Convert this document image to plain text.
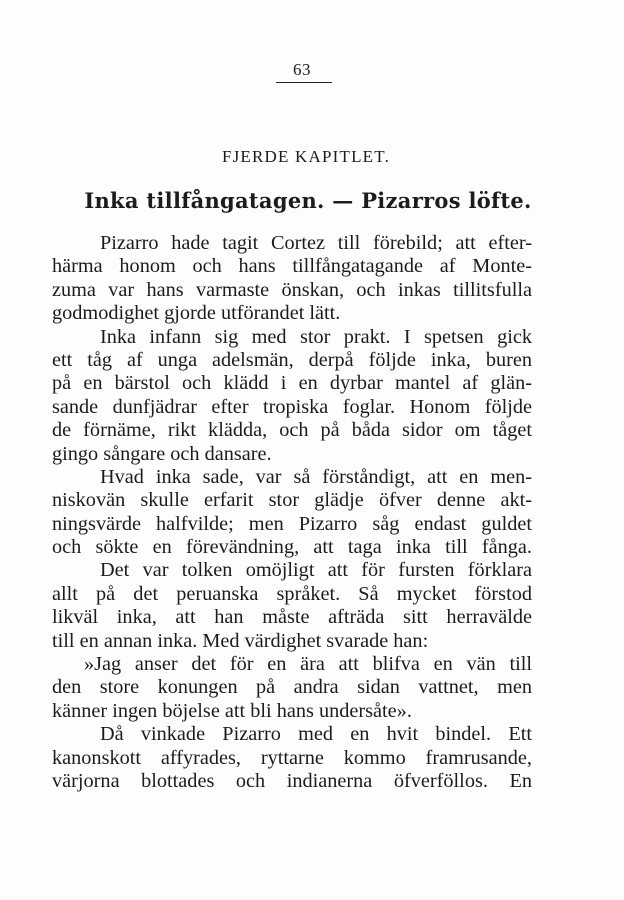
63
FJERDE KAPITLET.
Inka tillfångatagen. — Pizarros löfte.
Pizarro hade tagit Cortez till förebild; att efter-
härma honom och hans tillfångatagande af Monte-
zuma var hans varmaste önskan, och inkas tillitsfulla
godmodighet gjorde utförandet lätt.
Inka infann sig med stor prakt. I spetsen gick
ett tåg af unga adelsmän, derpå följde inka, buren
på en bärstol och klädd i en dyrbar mantel af glän-
sande dunfjädrar efter tropiska foglar. Honom följde
de förnäme, rikt klädda, och på båda sidor om tåget
gingo sångare och dansare.
Hvad inka sade, var så förståndigt, att en men-
niskovän skulle erfarit stor glädje öfver denne akt-
ningsvärde halfvilde; men Pizarro såg endast guldet
och sökte en förevändning, att taga inka till fånga.
Det var tolken omöjligt att för fursten förklara
allt på det peruanska språket. Så mycket förstod
likväl inka, att han måste afträda sitt herravälde
till en annan inka. Med värdighet svarade han:
»Jag anser det för en ära att blifva en vän till
den store konungen på andra sidan vattnet, men
känner ingen böjelse att bli hans undersåte».
Då vinkade Pizarro med en hvit bindel. Ett
kanonskott affyrades, ryttarne kommo framrusande,
värjorna blottades och indianerna öfverföllos. En
